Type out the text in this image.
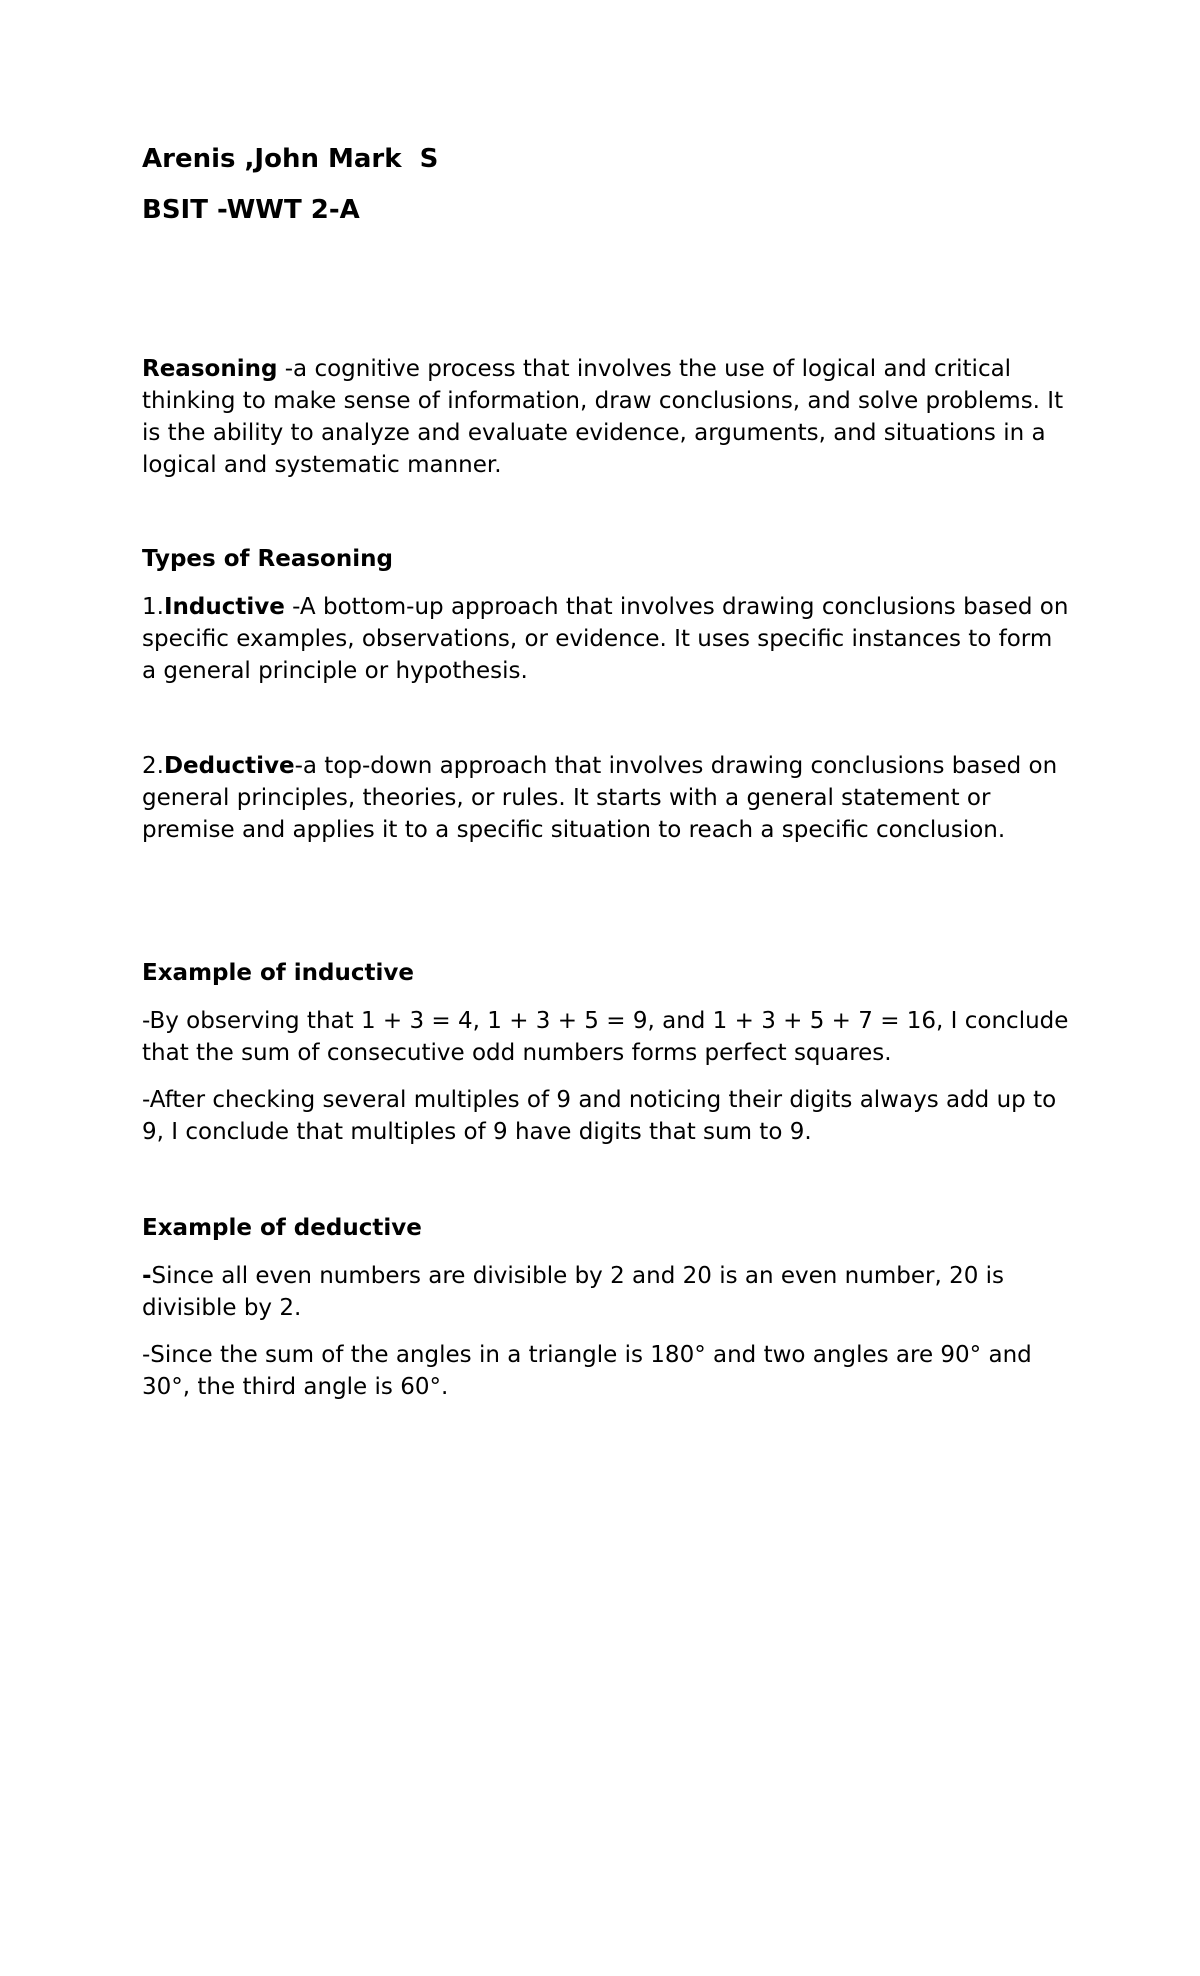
Arenis ,John Mark  S
BSIT -WWT 2-A
Reasoning -a cognitive process that involves the use of logical and critical thinking to make sense of information, draw conclusions, and solve problems. It is the ability to analyze and evaluate evidence, arguments, and situations in a logical and systematic manner.
Types of Reasoning
1.Inductive -A bottom-up approach that involves drawing conclusions based on specific examples, observations, or evidence. It uses specific instances to form a general principle or hypothesis.
2.Deductive-a top-down approach that involves drawing conclusions based on general principles, theories, or rules. It starts with a general statement or premise and applies it to a specific situation to reach a specific conclusion.
Example of inductive
-By observing that 1 + 3 = 4, 1 + 3 + 5 = 9, and 1 + 3 + 5 + 7 = 16, I conclude that the sum of consecutive odd numbers forms perfect squares.
-After checking several multiples of 9 and noticing their digits always add up to 9, I conclude that multiples of 9 have digits that sum to 9.
Example of deductive
-Since all even numbers are divisible by 2 and 20 is an even number, 20 is divisible by 2.
-Since the sum of the angles in a triangle is 180° and two angles are 90° and 30°, the third angle is 60°.
